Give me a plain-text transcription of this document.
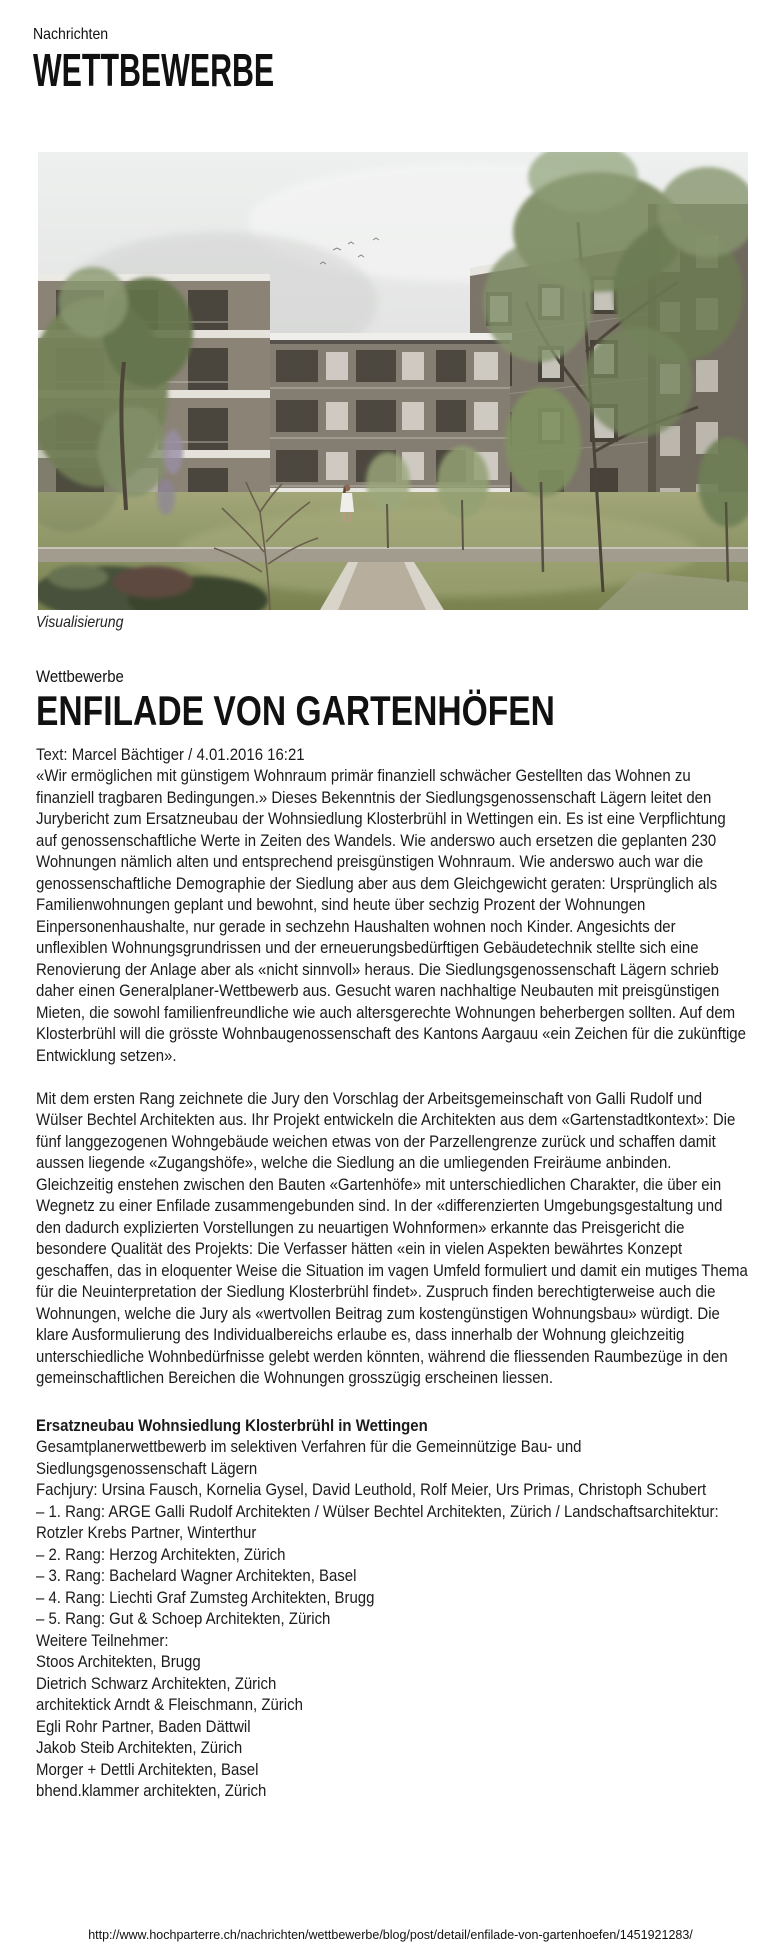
Nachrichten
WETTBEWERBE
Visualisierung
Wettbewerbe
ENFILADE VON GARTENHÖFEN
Text: Marcel Bächtiger / 4.01.2016 16:21

«Wir ermöglichen mit günstigem Wohnraum primär finanziell schwächer Gestellten das Wohnen zu finanziell tragbaren Bedingungen.» Dieses Bekenntnis der Siedlungsgenossenschaft Lägern leitet den Jurybericht zum Ersatzneubau der Wohnsiedlung Klosterbrühl in Wettingen ein. Es ist eine Verpflichtung auf genossenschaftliche Werte in Zeiten des Wandels. Wie anderswo auch ersetzen die geplanten 230 Wohnungen nämlich alten und entsprechend preisgünstigen Wohnraum. Wie anderswo auch war die genossenschaftliche Demographie der Siedlung aber aus dem Gleichgewicht geraten: Ursprünglich als Familienwohnungen geplant und bewohnt, sind heute über sechzig Prozent der Wohnungen Einpersonenhaushalte, nur gerade in sechzehn Haushalten wohnen noch Kinder. Angesichts der unflexiblen Wohnungsgrundrissen und der erneuerungsbedürftigen Gebäudetechnik stellte sich eine Renovierung der Anlage aber als «nicht sinnvoll» heraus. Die Siedlungsgenossenschaft Lägern schrieb daher einen Generalplaner-Wettbewerb aus. Gesucht waren nachhaltige Neubauten mit preisgünstigen Mieten, die sowohl familienfreundliche wie auch altersgerechte Wohnungen beherbergen sollten. Auf dem Klosterbrühl will die grösste Wohnbaugenossenschaft des Kantons Aargauu «ein Zeichen für die zukünftige Entwicklung setzen».

Mit dem ersten Rang zeichnete die Jury den Vorschlag der Arbeitsgemeinschaft von Galli Rudolf und Wülser Bechtel Architekten aus. Ihr Projekt entwickeln die Architekten aus dem «Gartenstadtkontext»: Die fünf langgezogenen Wohngebäude weichen etwas von der Parzellengrenze zurück und schaffen damit aussen liegende «Zugangshöfe», welche die Siedlung an die umliegenden Freiräume anbinden. Gleichzeitig enstehen zwischen den Bauten «Gartenhöfe» mit unterschiedlichen Charakter, die über ein Wegnetz zu einer Enfilade zusammengebunden sind. In der «differenzierten Umgebungsgestaltung und den dadurch explizierten Vorstellungen zu neuartigen Wohnformen» erkannte das Preisgericht die besondere Qualität des Projekts: Die Verfasser hätten «ein in vielen Aspekten bewährtes Konzept geschaffen, das in eloquenter Weise die Situation im vagen Umfeld formuliert und damit ein mutiges Thema für die Neuinterpretation der Siedlung Klosterbrühl findet». Zuspruch finden berechtigterweise auch die Wohnungen, welche die Jury als «wertvollen Beitrag zum kostengünstigen Wohnungsbau» würdigt. Die klare Ausformulierung des Individualbereichs erlaube es, dass innerhalb der Wohnung gleichzeitig unterschiedliche Wohnbedürfnisse gelebt werden könnten, während die fliessenden Raumbezüge in den gemeinschaftlichen Bereichen die Wohnungen grosszügig erscheinen liessen.

Ersatzneubau Wohnsiedlung Klosterbrühl in Wettingen
Gesamtplanerwettbewerb im selektiven Verfahren für die Gemeinnützige Bau- und Siedlungsgenossenschaft Lägern
Fachjury: Ursina Fausch, Kornelia Gysel, David Leuthold, Rolf Meier, Urs Primas, Christoph Schubert
– 1. Rang: ARGE Galli Rudolf Architekten / Wülser Bechtel Architekten, Zürich / Landschaftsarchitektur: Rotzler Krebs Partner, Winterthur
– 2. Rang: Herzog Architekten, Zürich
– 3. Rang: Bachelard Wagner Architekten, Basel
– 4. Rang: Liechti Graf Zumsteg Architekten, Brugg
– 5. Rang: Gut & Schoep Architekten, Zürich
Weitere Teilnehmer:
Stoos Architekten, Brugg
Dietrich Schwarz Architekten, Zürich
architektick Arndt & Fleischmann, Zürich
Egli Rohr Partner, Baden Dättwil
Jakob Steib Architekten, Zürich
Morger + Dettli Architekten, Basel
bhend.klammer architekten, Zürich
http://www.hochparterre.ch/nachrichten/wettbewerbe/blog/post/detail/enfilade-von-gartenhoefen/1451921283/
